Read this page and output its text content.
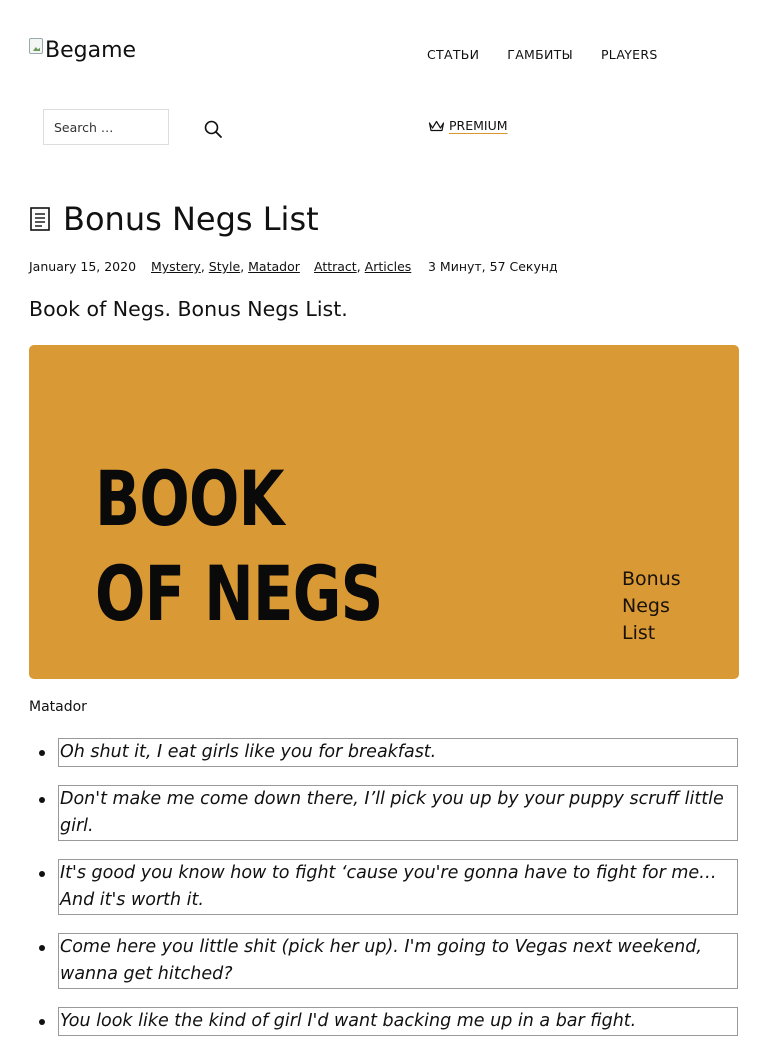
Begame	СТАТЬИ ГАМБИТЫ PLAYERS
Search …
PREMIUM
Bonus Negs List
January 15, 2020 Mystery, Style, Matador Attract, Articles 3 Минут, 57 Секунд
Book of Negs. Bonus Negs List.
BOOK
OF NEGS	Bonus
Negs
List
Matador
Oh shut it, I eat girls like you for breakfast.
Don't make me come down there, I’ll pick you up by your puppy scruff little girl.
It's good you know how to fight ‘cause you're gonna have to fight for me… And it's worth it.
Come here you little shit (pick her up). I'm going to Vegas next weekend, wanna get hitched?
You look like the kind of girl I'd want backing me up in a bar fight.
